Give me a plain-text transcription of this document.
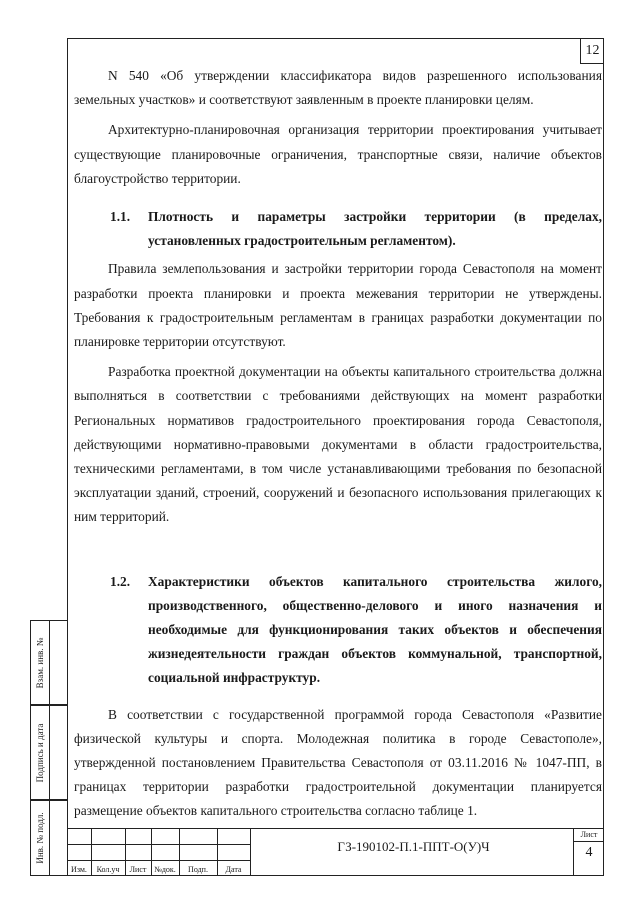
12

N 540 «Об утверждении классификатора видов разрешенного использования земельных участков» и соответствуют заявленным в проекте планировки целям.

Архитектурно-планировочная организация территории проектирования учитывает существующие планировочные ограничения, транспортные связи, наличие объектов благоустройство территории.

1.1.	Плотность и параметры застройки территории (в пределах, установленных градостроительным регламентом).

Правила землепользования и застройки территории города Севастополя на момент разработки проекта планировки и проекта межевания территории не утверждены. Требования к градостроительным регламентам в границах разработки документации по планировке территории отсутствуют.

Разработка проектной документации на объекты капитального строительства должна выполняться в соответствии с требованиями действующих на момент разработки Региональных нормативов градостроительного проектирования города Севастополя, действующими нормативно-правовыми документами в области градостроительства, техническими регламентами, в том числе устанавливающими требования по безопасной эксплуатации зданий, строений, сооружений и безопасного использования прилегающих к ним территорий.

1.2.	Характеристики объектов капитального строительства жилого, производственного, общественно-делового и иного назначения и необходимые для функционирования таких объектов и обеспечения жизнедеятельности граждан объектов коммунальной, транспортной, социальной инфраструктур.

В соответствии с государственной программой города Севастополя «Развитие физической культуры и спорта. Молодежная политика в городе Севастополе», утвержденной постановлением Правительства Севастополя от 03.11.2016 № 1047-ПП, в границах территории разработки градостроительной документации планируется размещение объектов капитального строительства согласно таблице 1.

Взам. инв. №
Подпись и дата
Инв. № подл.
Изм.	Кол.уч	Лист №док.	Подп.	Дата
ГЗ-190102-П.1-ППТ-О(У)Ч
Лист
4
